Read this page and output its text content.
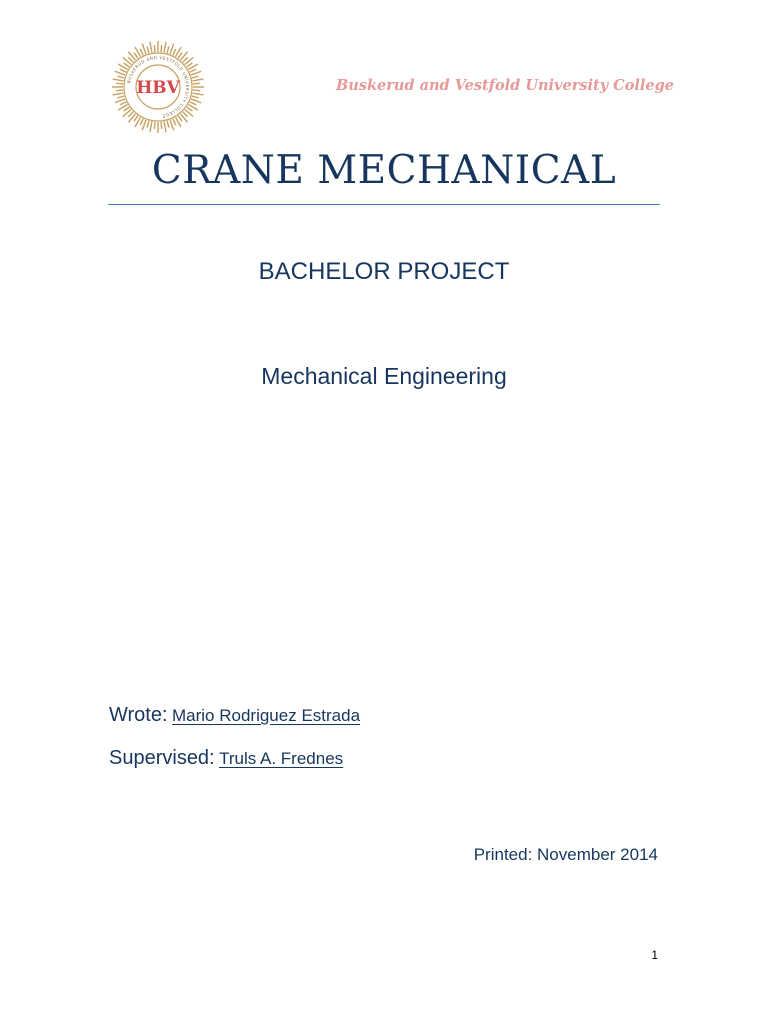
BUSKERUD AND VESTFOLD UNIVERSITY COLLEGE
HBV	Buskerud and Vestfold University College
CRANE MECHANICAL
BACHELOR PROJECT
Mechanical Engineering
Wrote: Mario Rodriguez Estrada
Supervised: Truls A. Frednes
Printed: November 2014
1
